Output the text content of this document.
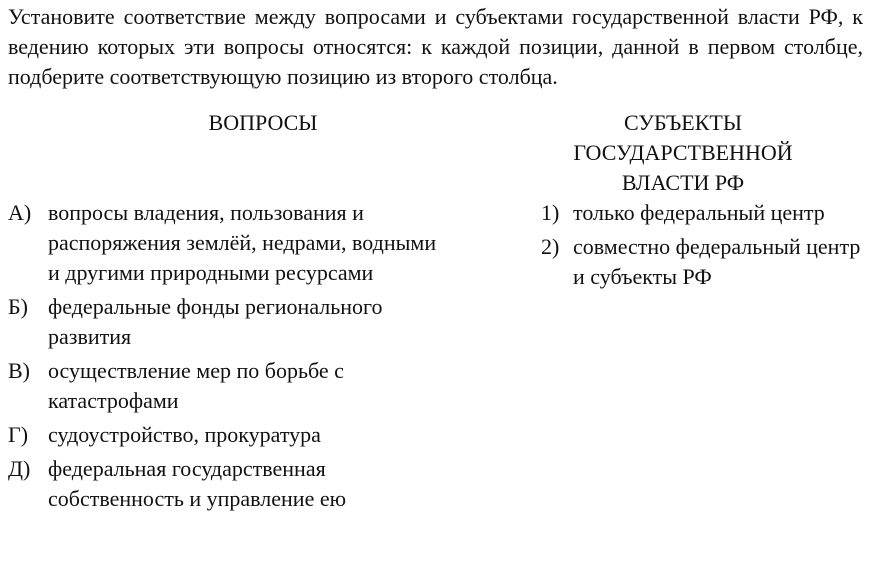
Установите соответствие между вопросами и субъектами государственной власти РФ, к ведению которых эти вопросы относятся: к каждой позиции, данной в первом столбце, подберите соответствующую позицию из второго столбца.

ВОПРОСЫ
А) вопросы владения, пользования и распоряжения землёй, недрами, водными и другими природными ресурсами
Б) федеральные фонды регионального развития
В) осуществление мер по борьбе с катастрофами
Г) судоустройство, прокуратура
Д) федеральная государственная собственность и управление ею
СУБЪЕКТЫ ГОСУДАРСТВЕННОЙ ВЛАСТИ РФ
1) только федеральный центр
2) совместно федеральный центр и субъекты РФ
